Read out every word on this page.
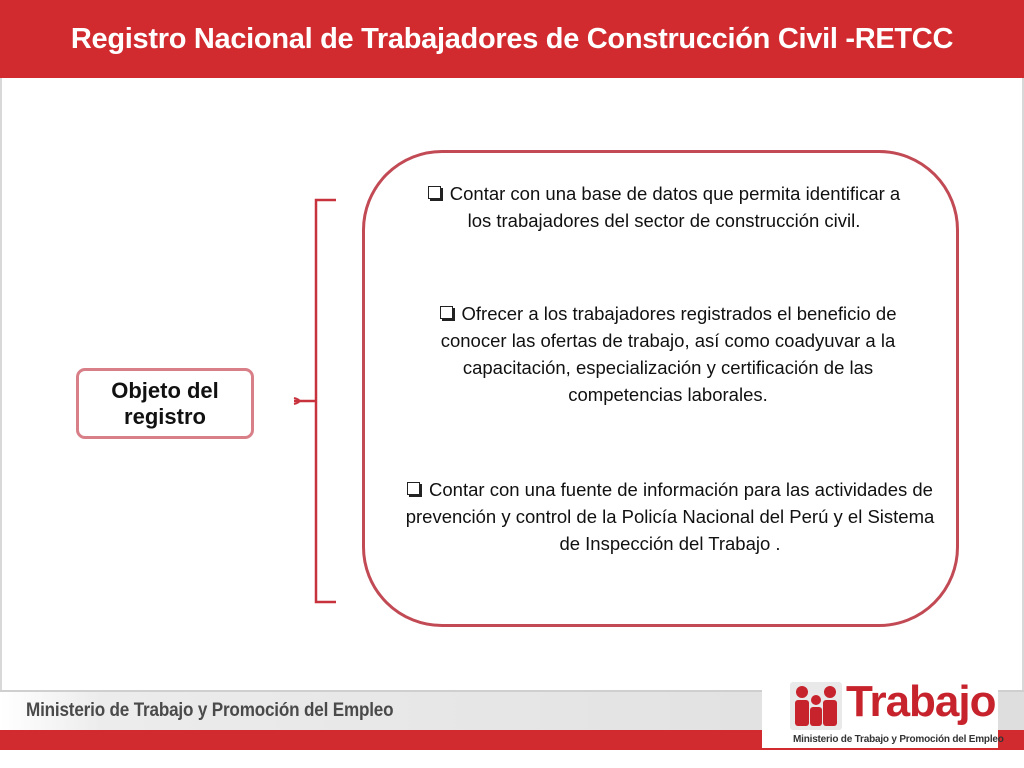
Registro Nacional de Trabajadores de Construcción Civil -RETCC
Objeto del
registro
Contar con una base de datos que permita identificar a los trabajadores del sector de construcción civil.
Ofrecer a los trabajadores registrados el beneficio de conocer las ofertas de trabajo, así como coadyuvar a la capacitación, especialización y certificación de las competencias laborales.
Contar con una fuente de información para las actividades de prevención y control de la Policía Nacional del Perú y el Sistema de Inspección del Trabajo .
Ministerio de Trabajo y Promoción del Empleo	Trabajo
Ministerio de Trabajo y Promoción del Empleo
